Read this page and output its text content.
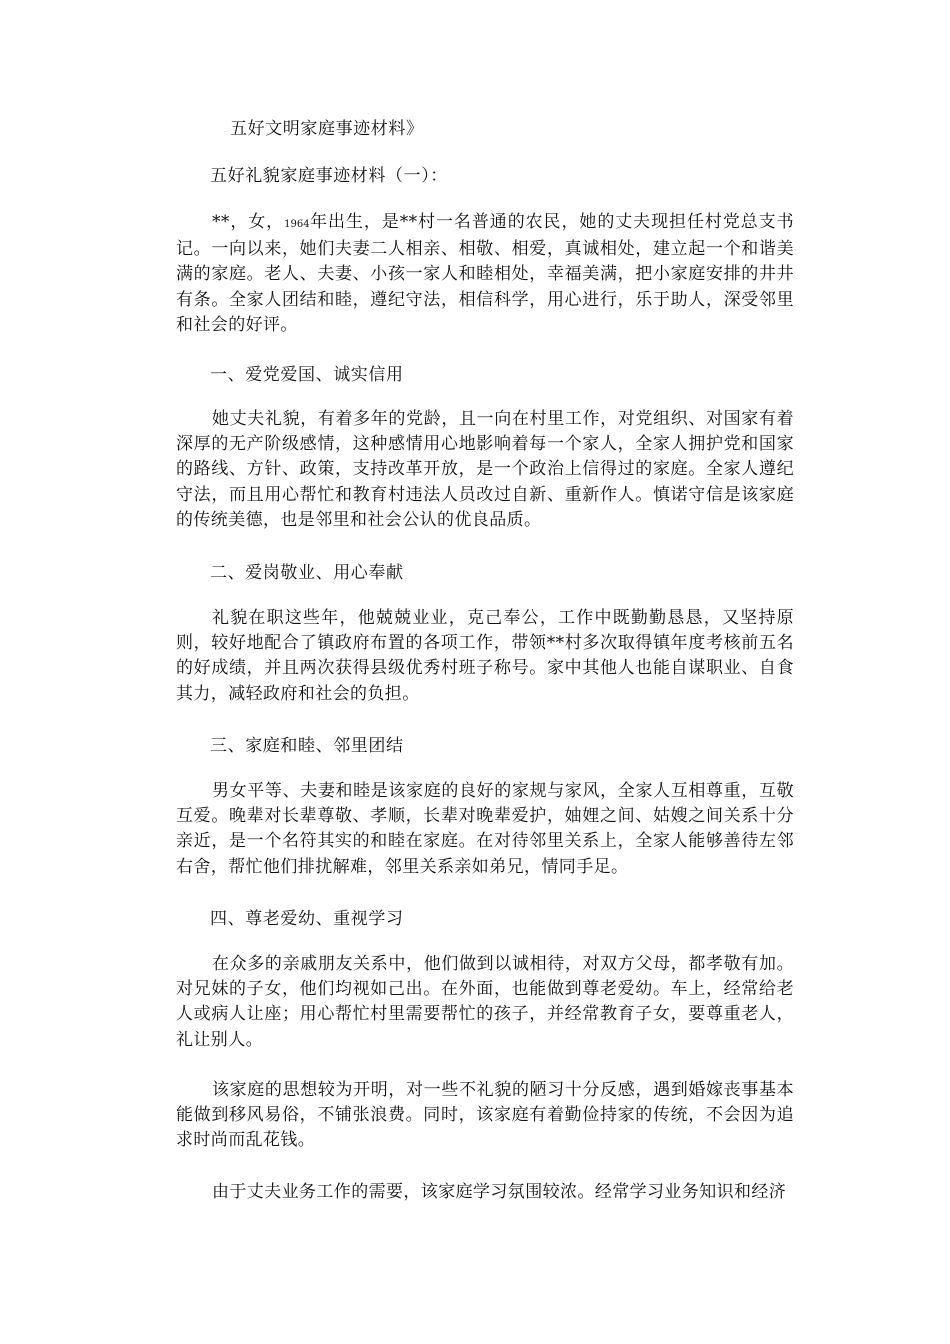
五好文明家庭事迹材料》
五好礼貌家庭事迹材料（一）：
**，女，1964年出生，是**村一名普通的农民，她的丈夫现担任村党总支书记。一向以来，她们夫妻二人相亲、相敬、相爱，真诚相处，建立起一个和谐美满的家庭。老人、夫妻、小孩一家人和睦相处，幸福美满，把小家庭安排的井井有条。全家人团结和睦，遵纪守法，相信科学，用心进行，乐于助人，深受邻里和社会的好评。
一、爱党爱国、诚实信用
她丈夫礼貌，有着多年的党龄，且一向在村里工作，对党组织、对国家有着深厚的无产阶级感情，这种感情用心地影响着每一个家人，全家人拥护党和国家的路线、方针、政策，支持改革开放，是一个政治上信得过的家庭。全家人遵纪守法，而且用心帮忙和教育村违法人员改过自新、重新作人。慎诺守信是该家庭的传统美德，也是邻里和社会公认的优良品质。
二、爱岗敬业、用心奉献
礼貌在职这些年，他兢兢业业，克己奉公，工作中既勤勤恳恳，又坚持原则，较好地配合了镇政府布置的各项工作，带领**村多次取得镇年度考核前五名的好成绩，并且两次获得县级优秀村班子称号。家中其他人也能自谋职业、自食其力，减轻政府和社会的负担。
三、家庭和睦、邻里团结
男女平等、夫妻和睦是该家庭的良好的家规与家风，全家人互相尊重，互敬互爱。晚辈对长辈尊敬、孝顺，长辈对晚辈爱护，妯娌之间、姑嫂之间关系十分亲近，是一个名符其实的和睦在家庭。在对待邻里关系上，全家人能够善待左邻右舍，帮忙他们排扰解难，邻里关系亲如弟兄，情同手足。
四、尊老爱幼、重视学习
在众多的亲戚朋友关系中，他们做到以诚相待，对双方父母，都孝敬有加。对兄妹的子女，他们均视如己出。在外面，也能做到尊老爱幼。车上，经常给老人或病人让座；用心帮忙村里需要帮忙的孩子，并经常教育子女，要尊重老人，礼让别人。
该家庭的思想较为开明，对一些不礼貌的陋习十分反感，遇到婚嫁丧事基本能做到移风易俗，不铺张浪费。同时，该家庭有着勤俭持家的传统，不会因为追求时尚而乱花钱。
由于丈夫业务工作的需要，该家庭学习氛围较浓。经常学习业务知识和经济
